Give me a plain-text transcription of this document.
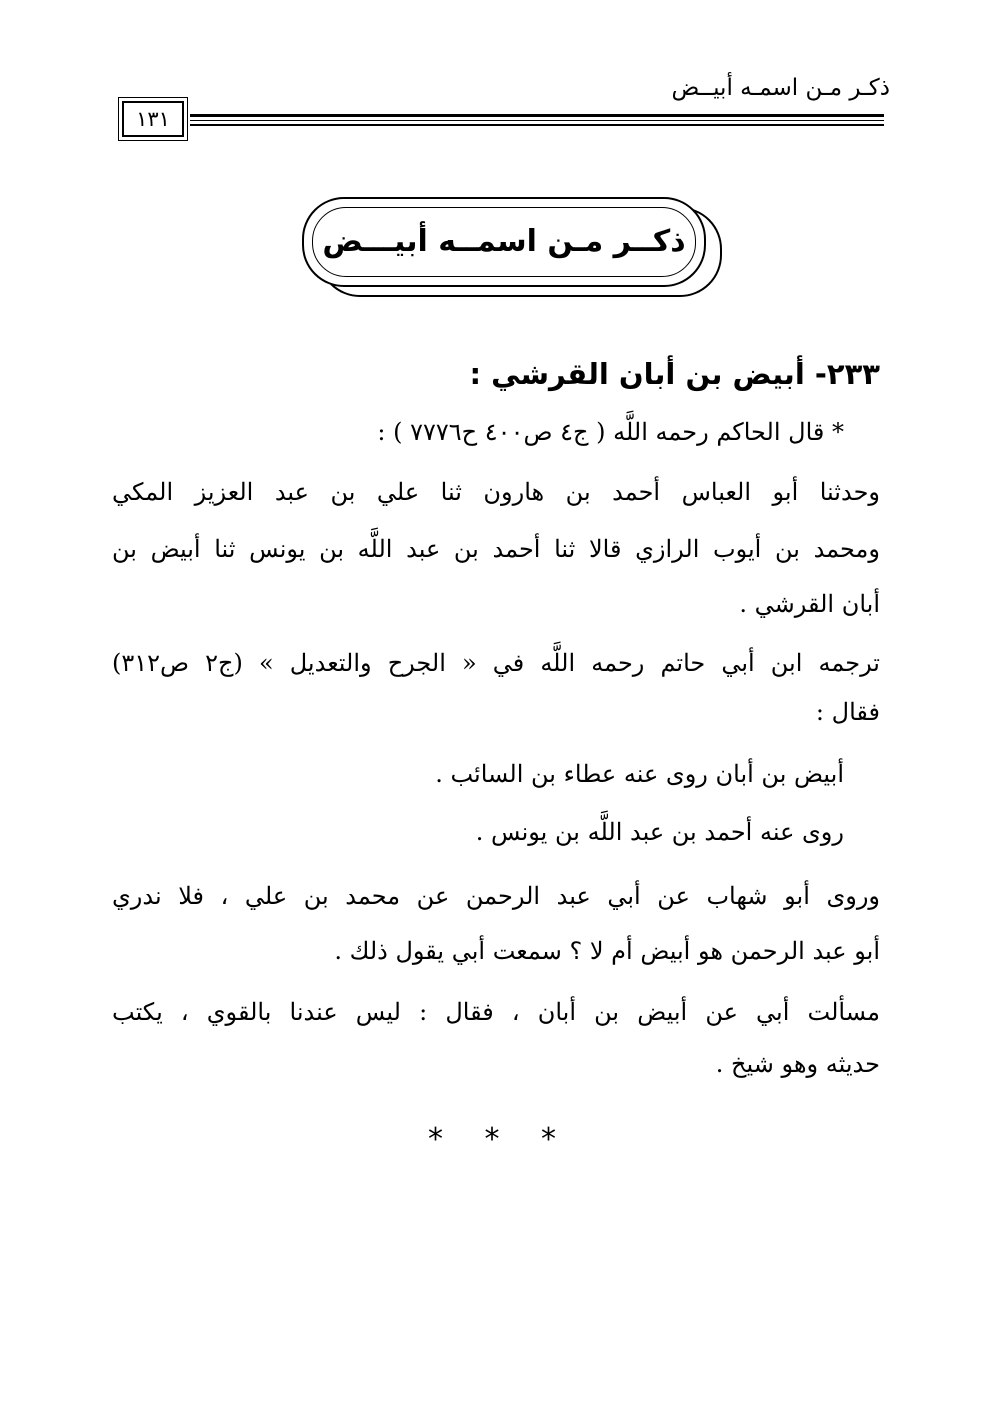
ذكـر مـن اسمـه أبيــض
١٣١
ذكــر مـن اسمــه أبيـــض
٢٣٣- أبيض بن أبان القرشي :
* قال الحاكم رحمه اللَّه ( ج٤ ص٤٠٠ ح٧٧٧٦ ) :
وحدثنا أبو العباس أحمد بن هارون ثنا علي بن عبد العزيز المكي
ومحمد بن أيوب الرازي قالا ثنا أحمد بن عبد اللَّه بن يونس ثنا أبيض بن
أبان القرشي .
ترجمه ابن أبي حاتم رحمه اللَّه في « الجرح والتعديل » (ج٢ ص٣١٢)
فقال :
أبيض بن أبان روى عنه عطاء بن السائب .
روى عنه أحمد بن عبد اللَّه بن يونس .
وروى أبو شهاب عن أبي عبد الرحمن عن محمد بن علي ، فلا ندري
أبو عبد الرحمن هو أبيض أم لا ؟ سمعت أبي يقول ذلك .
مسألت أبي عن أبيض بن أبان ، فقال : ليس عندنا بالقوي ، يكتب
حديثه وهو شيخ .
* * *
